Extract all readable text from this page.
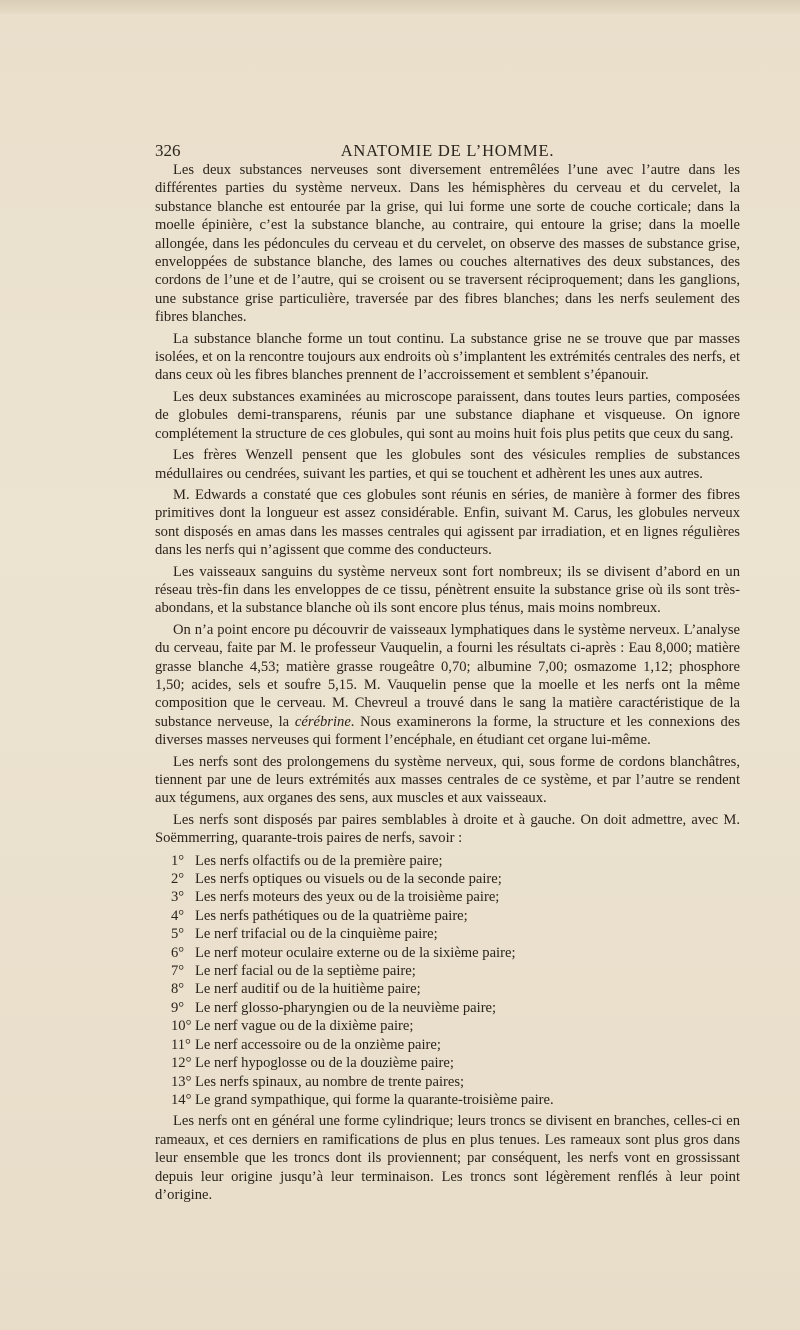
326	ANATOMIE DE L’HOMME.

Les deux substances nerveuses sont diversement entremêlées l’une avec l’autre dans les différentes parties du système nerveux. Dans les hémisphères du cerveau et du cervelet, la substance blanche est entourée par la grise, qui lui forme une sorte de couche corticale; dans la moelle épinière, c’est la substance blanche, au contraire, qui entoure la grise; dans la moelle allongée, dans les pédoncules du cerveau et du cervelet, on observe des masses de substance grise, enveloppées de substance blanche, des lames ou couches alternatives des deux substances, des cordons de l’une et de l’autre, qui se croisent ou se traversent réciproquement; dans les ganglions, une substance grise particulière, traversée par des fibres blanches; dans les nerfs seulement des fibres blanches.

La substance blanche forme un tout continu. La substance grise ne se trouve que par masses isolées, et on la rencontre toujours aux endroits où s’implantent les extrémités centrales des nerfs, et dans ceux où les fibres blanches prennent de l’accroissement et semblent s’épanouir.

Les deux substances examinées au microscope paraissent, dans toutes leurs parties, composées de globules demi-transparens, réunis par une substance diaphane et visqueuse. On ignore complétement la structure de ces globules, qui sont au moins huit fois plus petits que ceux du sang.

Les frères Wenzell pensent que les globules sont des vésicules remplies de substances médullaires ou cendrées, suivant les parties, et qui se touchent et adhèrent les unes aux autres.

M. Edwards a constaté que ces globules sont réunis en séries, de manière à former des fibres primitives dont la longueur est assez considérable. Enfin, suivant M. Carus, les globules nerveux sont disposés en amas dans les masses centrales qui agissent par irradiation, et en lignes régulières dans les nerfs qui n’agissent que comme des conducteurs.

Les vaisseaux sanguins du système nerveux sont fort nombreux; ils se divisent d’abord en un réseau très-fin dans les enveloppes de ce tissu, pénètrent ensuite la substance grise où ils sont très-abondans, et la substance blanche où ils sont encore plus ténus, mais moins nombreux.

On n’a point encore pu découvrir de vaisseaux lymphatiques dans le système nerveux. L’analyse du cerveau, faite par M. le professeur Vauquelin, a fourni les résultats ci-après : Eau 8,000; matière grasse blanche 4,53; matière grasse rougeâtre 0,70; albumine 7,00; osmazome 1,12; phosphore 1,50; acides, sels et soufre 5,15. M. Vauquelin pense que la moelle et les nerfs ont la même composition que le cerveau. M. Chevreul a trouvé dans le sang la matière caractéristique de la substance nerveuse, la cérébrine. Nous examinerons la forme, la structure et les connexions des diverses masses nerveuses qui forment l’encéphale, en étudiant cet organe lui-même.

Les nerfs sont des prolongemens du système nerveux, qui, sous forme de cordons blanchâtres, tiennent par une de leurs extrémités aux masses centrales de ce système, et par l’autre se rendent aux tégumens, aux organes des sens, aux muscles et aux vaisseaux.

Les nerfs sont disposés par paires semblables à droite et à gauche. On doit admettre, avec M. Soëmmerring, quarante-trois paires de nerfs, savoir :

1° Les nerfs olfactifs ou de la première paire;
2° Les nerfs optiques ou visuels ou de la seconde paire;
3° Les nerfs moteurs des yeux ou de la troisième paire;
4° Les nerfs pathétiques ou de la quatrième paire;
5° Le nerf trifacial ou de la cinquième paire;
6° Le nerf moteur oculaire externe ou de la sixième paire;
7° Le nerf facial ou de la septième paire;
8° Le nerf auditif ou de la huitième paire;
9° Le nerf glosso-pharyngien ou de la neuvième paire;
10° Le nerf vague ou de la dixième paire;
11° Le nerf accessoire ou de la onzième paire;
12° Le nerf hypoglosse ou de la douzième paire;
13° Les nerfs spinaux, au nombre de trente paires;
14° Le grand sympathique, qui forme la quarante-troisième paire.

Les nerfs ont en général une forme cylindrique; leurs troncs se divisent en branches, celles-ci en rameaux, et ces derniers en ramifications de plus en plus tenues. Les rameaux sont plus gros dans leur ensemble que les troncs dont ils proviennent; par conséquent, les nerfs vont en grossissant depuis leur origine jusqu’à leur terminaison. Les troncs sont légèrement renflés à leur point d’origine.
